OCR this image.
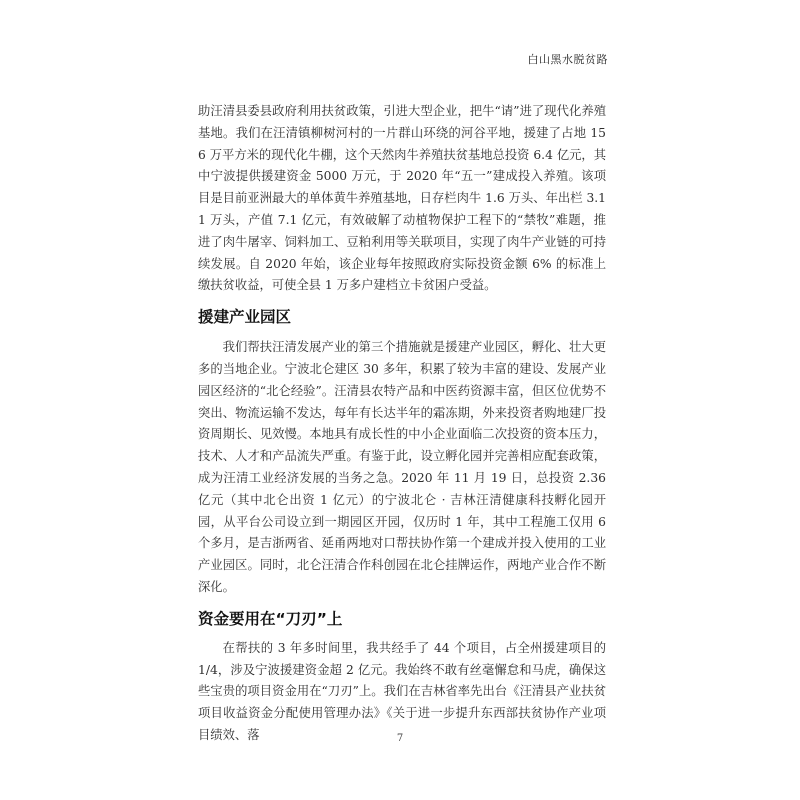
白山黑水脱贫路

助汪清县委县政府利用扶贫政策，引进大型企业，把牛“请”进了现代化养殖基地。我们在汪清镇柳树河村的一片群山环绕的河谷平地，援建了占地 156 万平方米的现代化牛棚，这个天然肉牛养殖扶贫基地总投资 6.4 亿元，其中宁波提供援建资金 5000 万元，于 2020 年“五一”建成投入养殖。该项目是目前亚洲最大的单体黄牛养殖基地，日存栏肉牛 1.6 万头、年出栏 3.11 万头，产值 7.1 亿元，有效破解了动植物保护工程下的“禁牧”难题，推进了肉牛屠宰、饲料加工、豆粕利用等关联项目，实现了肉牛产业链的可持续发展。自 2020 年始，该企业每年按照政府实际投资金额 6% 的标准上缴扶贫收益，可使全县 1 万多户建档立卡贫困户受益。

援建产业园区

我们帮扶汪清发展产业的第三个措施就是援建产业园区，孵化、壮大更多的当地企业。宁波北仑建区 30 多年，积累了较为丰富的建设、发展产业园区经济的“北仑经验”。汪清县农特产品和中医药资源丰富，但区位优势不突出、物流运输不发达，每年有长达半年的霜冻期，外来投资者购地建厂投资周期长、见效慢。本地具有成长性的中小企业面临二次投资的资本压力，技术、人才和产品流失严重。有鉴于此，设立孵化园并完善相应配套政策，成为汪清工业经济发展的当务之急。2020 年 11 月 19 日，总投资 2.36 亿元（其中北仑出资 1 亿元）的宁波北仑 · 吉林汪清健康科技孵化园开园，从平台公司设立到一期园区开园，仅历时 1 年，其中工程施工仅用 6 个多月，是吉浙两省、延甬两地对口帮扶协作第一个建成并投入使用的工业产业园区。同时，北仑汪清合作科创园在北仑挂牌运作，两地产业合作不断深化。

资金要用在“刀刃”上

在帮扶的 3 年多时间里，我共经手了 44 个项目，占全州援建项目的 1/4，涉及宁波援建资金超 2 亿元。我始终不敢有丝毫懈怠和马虎，确保这些宝贵的项目资金用在“刀刃”上。我们在吉林省率先出台《汪清县产业扶贫项目收益资金分配使用管理办法》《关于进一步提升东西部扶贫协作产业项目绩效、落	7
